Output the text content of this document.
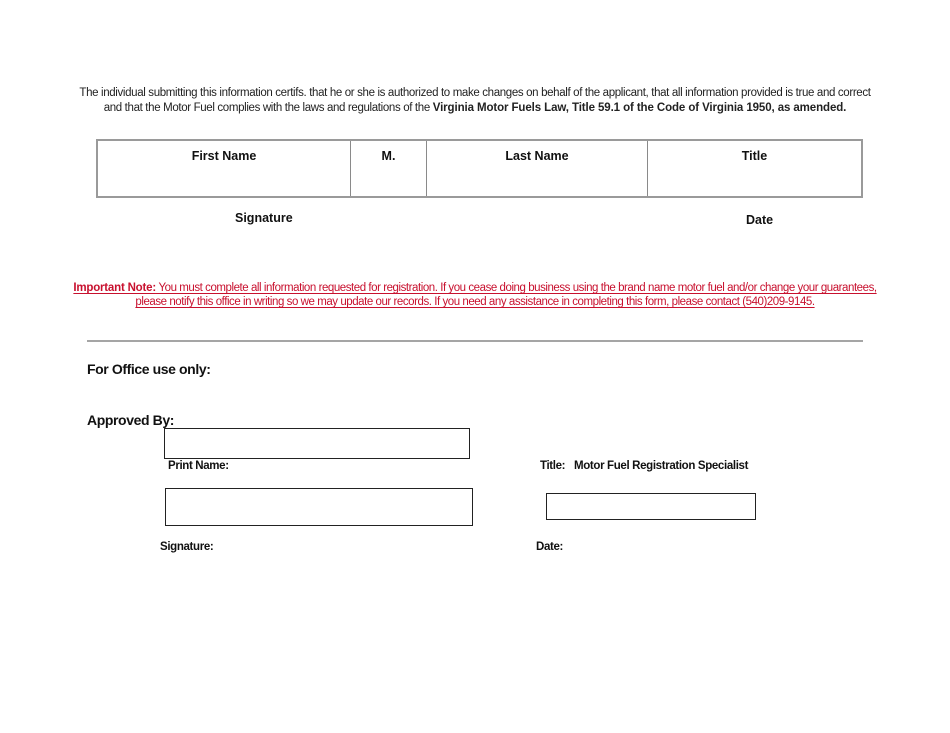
The individual submitting this information certifs. that he or she is authorized to make changes on behalf of the applicant, that all information provided is true and correct
and that the Motor Fuel complies with the laws and regulations of the Virginia Motor Fuels Law, Title 59.1 of the Code of Virginia 1950, as amended.
First Name	M.	Last Name	Title
Signature	Date
Important Note: You must complete all information requested for registration. If you cease doing business using the brand name motor fuel and/or change your guarantees,
please notify this office in writing so we may update our records. If you need any assistance in completing this form, please contact (540)209-9145.
For Office use only:
Approved By:
Print Name:
Signature:
Title: Motor Fuel Registration Specialist
Date:
